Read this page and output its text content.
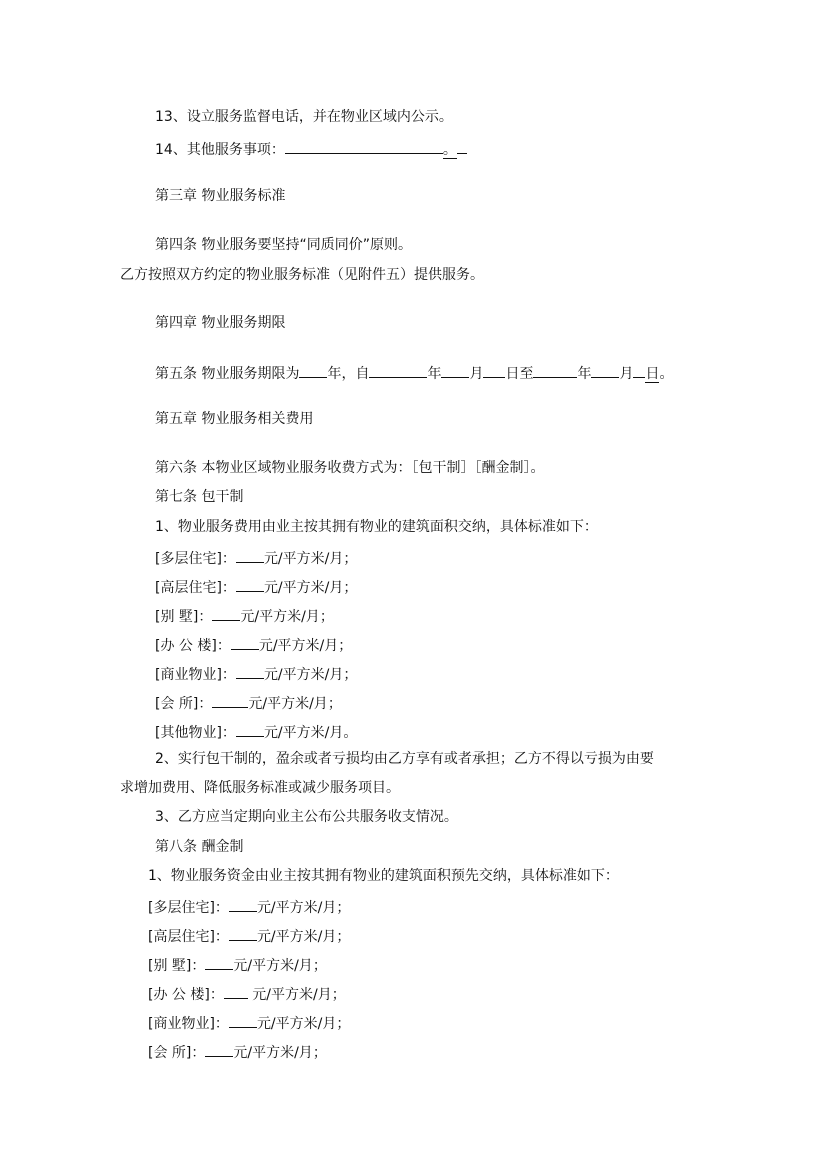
13、设立服务监督电话，并在物业区域内公示。
14、其他服务事项：	。
第三章 物业服务标准
第四条 物业服务要坚持“同质同价”原则。
乙方按照双方约定的物业服务标准（见附件五）提供服务。
第四章 物业服务期限
第五条 物业服务期限为 年，自	年 月 日至	年 月 日。
第五章 物业服务相关费用
第六条 本物业区域物业服务收费方式为：［包干制］［酬金制］。
第七条 包干制
1、物业服务费用由业主按其拥有物业的建筑面积交纳，具体标准如下：
[多层住宅]： 元/平方米/月；
[高层住宅]： 元/平方米/月；
[别 墅]： 元/平方米/月；
[办 公 楼]： 元/平方米/月；
[商业物业]： 元/平方米/月；
[会 所]：	元/平方米/月；
[其他物业]： 元/平方米/月。
2、实行包干制的，盈余或者亏损均由乙方享有或者承担；乙方不得以亏损为由要
求增加费用、降低服务标准或减少服务项目。
3、乙方应当定期向业主公布公共服务收支情况。
第八条 酬金制
1、物业服务资金由业主按其拥有物业的建筑面积预先交纳，具体标准如下：
[多层住宅]： 元/平方米/月；
[高层住宅]： 元/平方米/月；
[别 墅]： 元/平方米/月；
[办 公 楼]： 元/平方米/月；
[商业物业]： 元/平方米/月；
[会 所]： 元/平方米/月；
